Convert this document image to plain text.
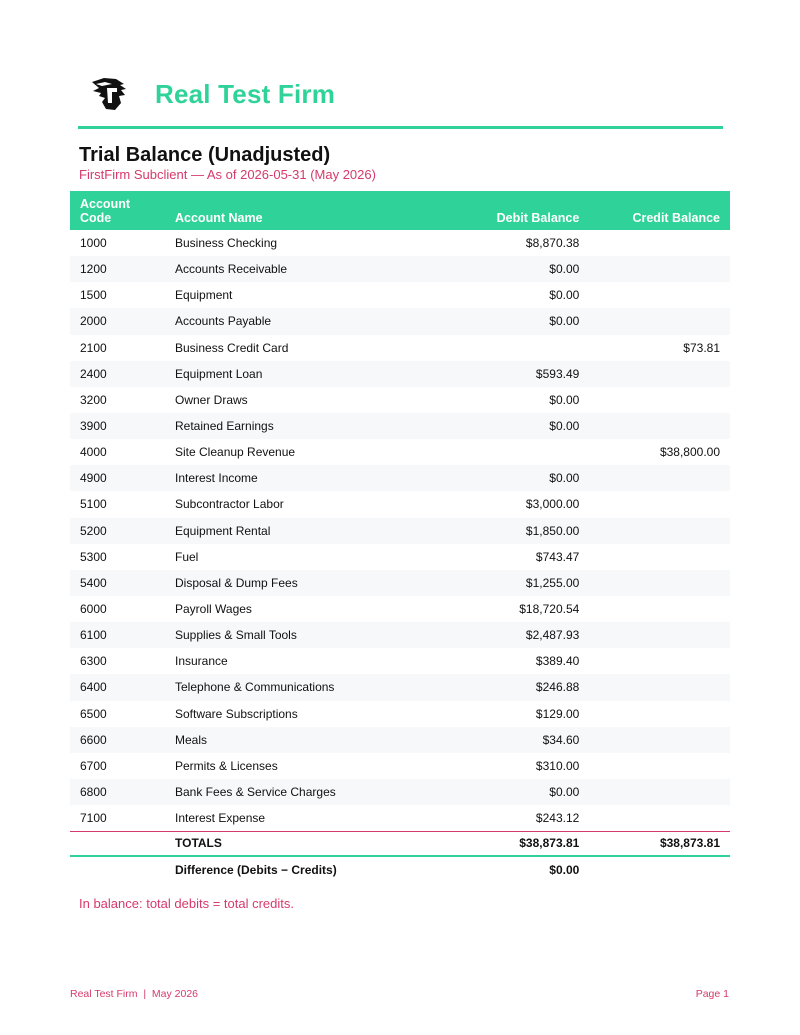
Real Test Firm
Trial Balance (Unadjusted)
FirstFirm Subclient — As of 2026-05-31 (May 2026)
Account
Code	Account Name	Debit Balance	Credit Balance
1000	Business Checking	$8,870.38	
1200	Accounts Receivable	$0.00	
1500	Equipment	$0.00	
2000	Accounts Payable	$0.00	
2100	Business Credit Card		$73.81
2400	Equipment Loan	$593.49	
3200	Owner Draws	$0.00	
3900	Retained Earnings	$0.00	
4000	Site Cleanup Revenue		$38,800.00
4900	Interest Income	$0.00	
5100	Subcontractor Labor	$3,000.00	
5200	Equipment Rental	$1,850.00	
5300	Fuel	$743.47	
5400	Disposal & Dump Fees	$1,255.00	
6000	Payroll Wages	$18,720.54	
6100	Supplies & Small Tools	$2,487.93	
6300	Insurance	$389.40	
6400	Telephone & Communications	$246.88	
6500	Software Subscriptions	$129.00	
6600	Meals	$34.60	
6700	Permits & Licenses	$310.00	
6800	Bank Fees & Service Charges	$0.00	
7100	Interest Expense	$243.12	
	TOTALS	$38,873.81	$38,873.81
	Difference (Debits − Credits)	$0.00	
In balance: total debits = total credits.
Real Test Firm  |  May 2026	Page 1
